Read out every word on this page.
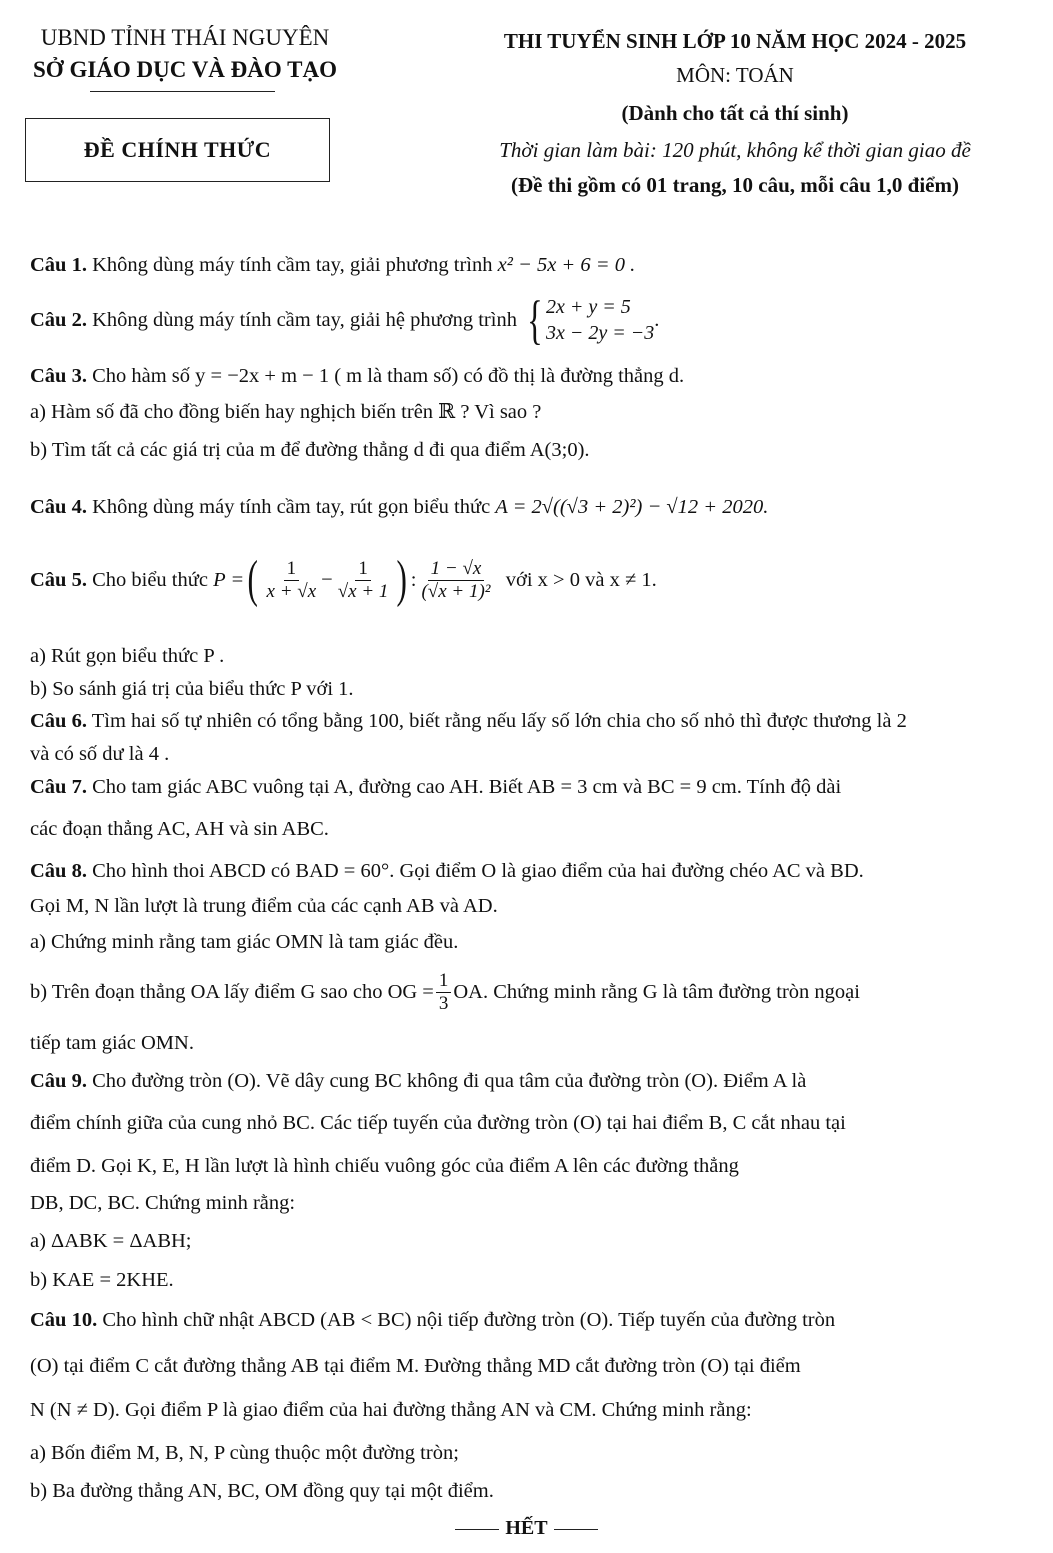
UBND TỈNH THÁI NGUYÊN
SỞ GIÁO DỤC VÀ ĐÀO TẠO
ĐỀ CHÍNH THỨC
THI TUYỂN SINH LỚP 10 NĂM HỌC 2024 - 2025
MÔN: TOÁN
(Dành cho tất cả thí sinh)
Thời gian làm bài: 120 phút, không kể thời gian giao đề
(Đề thi gồm có 01 trang, 10 câu, mỗi câu 1,0 điểm)
Câu 1. Không dùng máy tính cầm tay, giải phương trình x² − 5x + 6 = 0 .
Câu 2.
Không dùng máy tính cầm tay, giải hệ phương trình
{ 2x + y = 5
3x − 2y = −3
.
Câu 3. Cho hàm số y = −2x + m − 1 ( m là tham số) có đồ thị là đường thẳng d.
a) Hàm số đã cho đồng biến hay nghịch biến trên ℝ ? Vì sao ?
b) Tìm tất cả các giá trị của m để đường thẳng d đi qua điểm A(3;0).
Câu 4. Không dùng máy tính cầm tay, rút gọn biểu thức A = 2√((√3 + 2)²) − √12 + 2020.
Câu 5.
Cho biểu thức
P = ( $\frac{1}{x + √x} - \frac{1}{√x + 1}$ ) : $\frac{1 - √x}{\text{(√x + 1)²}}$
với x > 0 và x ≠ 1.
a) Rút gọn biểu thức P .
b) So sánh giá trị của biểu thức P với 1.
Câu 6. Tìm hai số tự nhiên có tổng bằng 100, biết rằng nếu lấy số lớn chia cho số nhỏ thì được thương là 2
và có số dư là 4 .
Câu 7. Cho tam giác ABC vuông tại A, đường cao AH. Biết AB = 3 cm và BC = 9 cm. Tính độ dài
các đoạn thẳng AC, AH và sin ABC.
Câu 8. Cho hình thoi ABCD có BAD = 60°. Gọi điểm O là giao điểm của hai đường chéo AC và BD.
Gọi M, N lần lượt là trung điểm của các cạnh AB và AD.
a) Chứng minh rằng tam giác OMN là tam giác đều.
b) Trên đoạn thẳng OA lấy điểm G sao cho OG = $\frac{1}{3}$ OA. Chứng minh rằng G là tâm đường tròn ngoại
tiếp tam giác OMN.
Câu 9. Cho đường tròn (O). Vẽ dây cung BC không đi qua tâm của đường tròn (O). Điểm A là
điểm chính giữa của cung nhỏ BC. Các tiếp tuyến của đường tròn (O) tại hai điểm B, C cắt nhau tại
điểm D. Gọi K, E, H lần lượt là hình chiếu vuông góc của điểm A lên các đường thẳng
DB, DC, BC. Chứng minh rằng:
a) ΔABK = ΔABH;
b) KAE = 2KHE.
Câu 10. Cho hình chữ nhật ABCD (AB < BC) nội tiếp đường tròn (O). Tiếp tuyến của đường tròn
(O) tại điểm C cắt đường thẳng AB tại điểm M. Đường thẳng MD cắt đường tròn (O) tại điểm
N (N ≠ D). Gọi điểm P là giao điểm của hai đường thẳng AN và CM. Chứng minh rằng:
a) Bốn điểm M, B, N, P cùng thuộc một đường tròn;
b) Ba đường thẳng AN, BC, OM đồng quy tại một điểm.
HẾT
